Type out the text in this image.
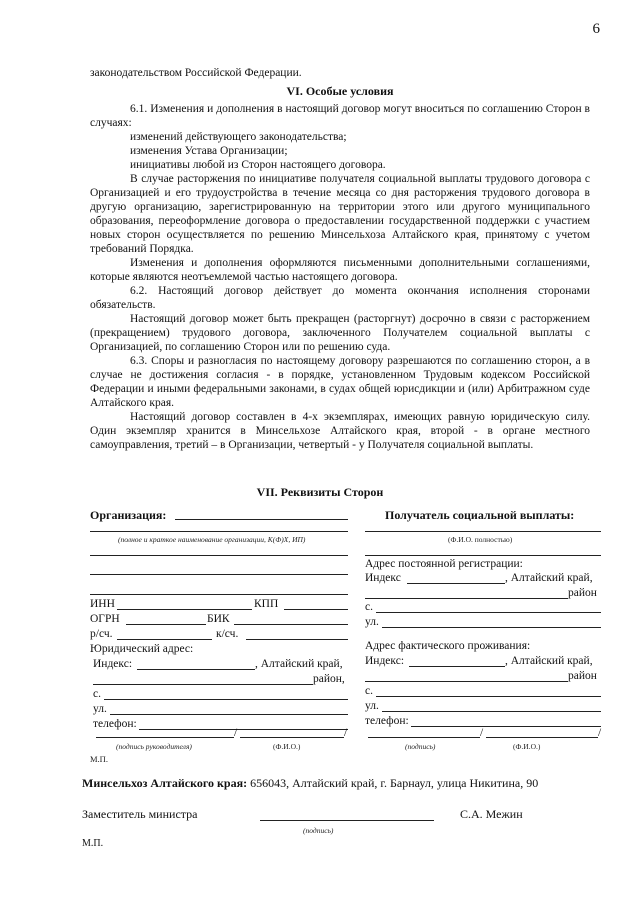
6
законодательством Российской Федерации.
VI. Особые условия
6.1. Изменения и дополнения в настоящий договор могут вноситься по соглашению Сторон в случаях:
изменений действующего законодательства;
изменения Устава Организации;
инициативы любой из Сторон настоящего договора.
В случае расторжения по инициативе получателя социальной выплаты трудового договора с Организацией и его трудоустройства в течение месяца со дня расторжения трудового договора в другую организацию, зарегистрированную на территории этого или другого муниципального образования, переоформление договора о предоставлении государственной поддержки с участием новых сторон осуществляется по решению Минсельхоза Алтайского края, принятому с учетом требований Порядка.
Изменения и дополнения оформляются письменными дополнительными соглашениями, которые являются неотъемлемой частью настоящего договора.
6.2. Настоящий договор действует до момента окончания исполнения сторонами обязательств.
Настоящий договор может быть прекращен (расторгнут) досрочно в связи с расторжением (прекращением) трудового договора, заключенного Получателем социальной выплаты с Организацией, по соглашению Сторон или по решению суда.
6.3. Споры и разногласия по настоящему договору разрешаются по соглашению сторон, а в случае не достижения согласия - в порядке, установленном Трудовым кодексом Российской Федерации и иными федеральными законами, в судах общей юрисдикции и (или) Арбитражном суде Алтайского края.
Настоящий договор составлен в 4-х экземплярах, имеющих равную юридическую силу. Один экземпляр хранится в Минсельхозе Алтайского края, второй - в органе местного самоуправления, третий – в Организации, четвертый - у Получателя социальной выплаты.
VII. Реквизиты Сторон
Организация:
(полное и краткое наименование организации, К(Ф)Х, ИП)
ИНН	КПП
ОГРН	БИК
р/сч.	к/сч.
Юридический адрес:
Индекс:	, Алтайский край,
район,
с.
ул.
телефон:
/	/
(подпись руководителя)	(Ф.И.О.)
М.П.
Получатель социальной выплаты:
(Ф.И.О. полностью)
Адрес постоянной регистрации:
Индекс	, Алтайский край,
район
с.
ул.
Адрес фактического проживания:
Индекс:	, Алтайский край,
район
с.
ул.
телефон:
/	/
(подпись)	(Ф.И.О.)
Минсельхоз Алтайского края: 656043, Алтайский край, г. Барнаул, улица Никитина, 90
Заместитель министра
(подпись)
С.А. Межин
М.П.
